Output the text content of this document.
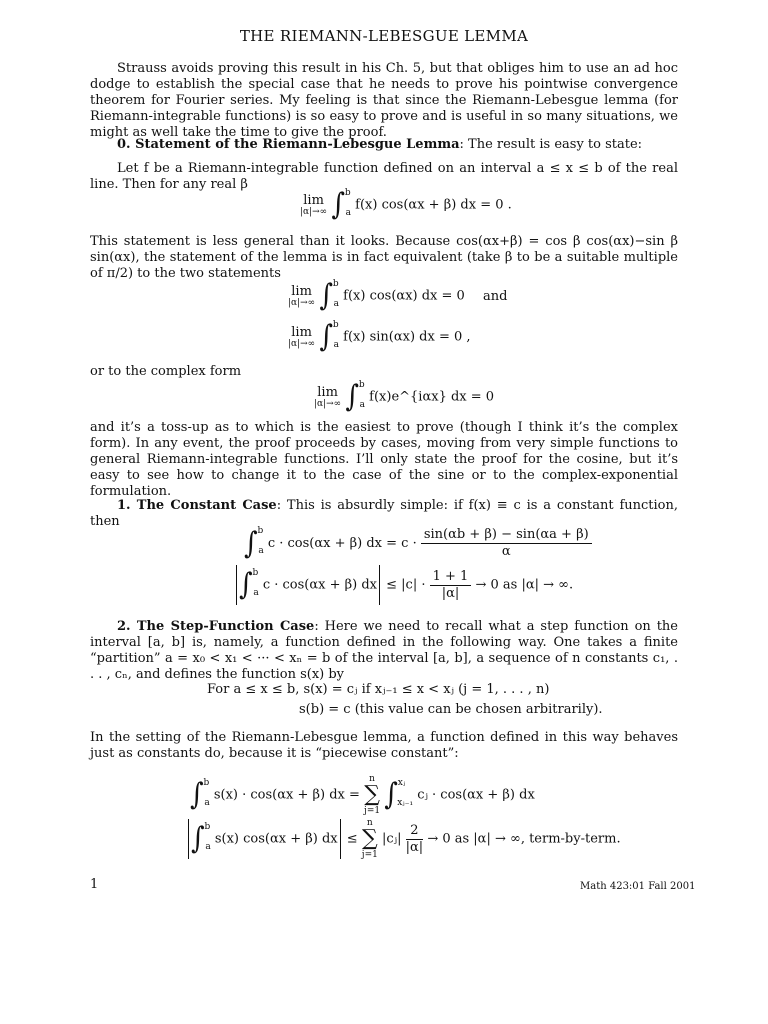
THE RIEMANN-LEBESGUE LEMMA
Strauss avoids proving this result in his Ch. 5, but that obliges him to use an ad hoc dodge to establish the special case that he needs to prove his pointwise convergence theorem for Fourier series. My feeling is that since the Riemann-Lebesgue lemma (for Riemann-integrable functions) is so easy to prove and is useful in so many situations, we might as well take the time to give the proof.
0. Statement of the Riemann-Lebesgue Lemma: The result is easy to state:
Let f be a Riemann-integrable function defined on an interval a ≤ x ≤ b of the real line. Then for any real β
lim
|α|→∞ ∫$^b_a$ f(x) cos(αx + β) dx = 0 .
This statement is less general than it looks. Because cos(αx+β) = cos β cos(αx)−sin β sin(αx), the statement of the lemma is in fact equivalent (take β to be a suitable multiple of π/2) to the two statements
lim
|α|→∞ ∫$^b_a$ f(x) cos(αx) dx = 0 and
lim
|α|→∞ ∫$^b_a$ f(x) sin(αx) dx = 0 ,
or to the complex form
lim
|α|→∞ ∫$^b_a$ f(x)e^{iαx} dx = 0
and it’s a toss-up as to which is the easiest to prove (though I think it’s the complex form). In any event, the proof proceeds by cases, moving from very simple functions to general Riemann-integrable functions. I’ll only state the proof for the cosine, but it’s easy to see how to change it to the case of the sine or to the complex-exponential formulation.
1. The Constant Case: This is absurdly simple: if f(x) ≡ c is a constant function, then
∫$^b_a$ c · cos(αx + β) dx = $c \cdot \frac{\sin(\alpha b + \beta) - \sin(\alpha a + \beta)}{\alpha}$
∫$^b_a$ c · cos(αx + β) dx ≤ $|c| \cdot \frac{1 + 1}{|\alpha|} \to 0$ as |α| → ∞.
2. The Step-Function Case: Here we need to recall what a step function on the interval [a, b] is, namely, a function defined in the following way. One takes a finite “partition” a = x₀ < x₁ < ··· < xₙ = b of the interval [a, b], a sequence of n constants c₁, . . . , cₙ, and defines the function s(x) by
For a ≤ x ≤ b, s(x) = cⱼ if xⱼ₋₁ ≤ x < xⱼ (j = 1, . . . , n)
s(b) = c (this value can be chosen arbitrarily).
In the setting of the Riemann-Lebesgue lemma, a function defined in this way behaves just as constants do, because it is “piecewise constant”:
∫$^b_a$ s(x) · cos(αx + β) dx =
n
∑
j=1 ∫$^{xⱼ}_{xⱼ_{-1}}$ cⱼ · cos(αx + β) dx
∫$^b_a$ s(x) cos(αx + β) dx ≤
n
∑
j=1
|cⱼ| $\frac{2}{|\alpha|} \to 0$ as |α| → ∞, term-by-term.
1	Math 423:01 Fall 2001
